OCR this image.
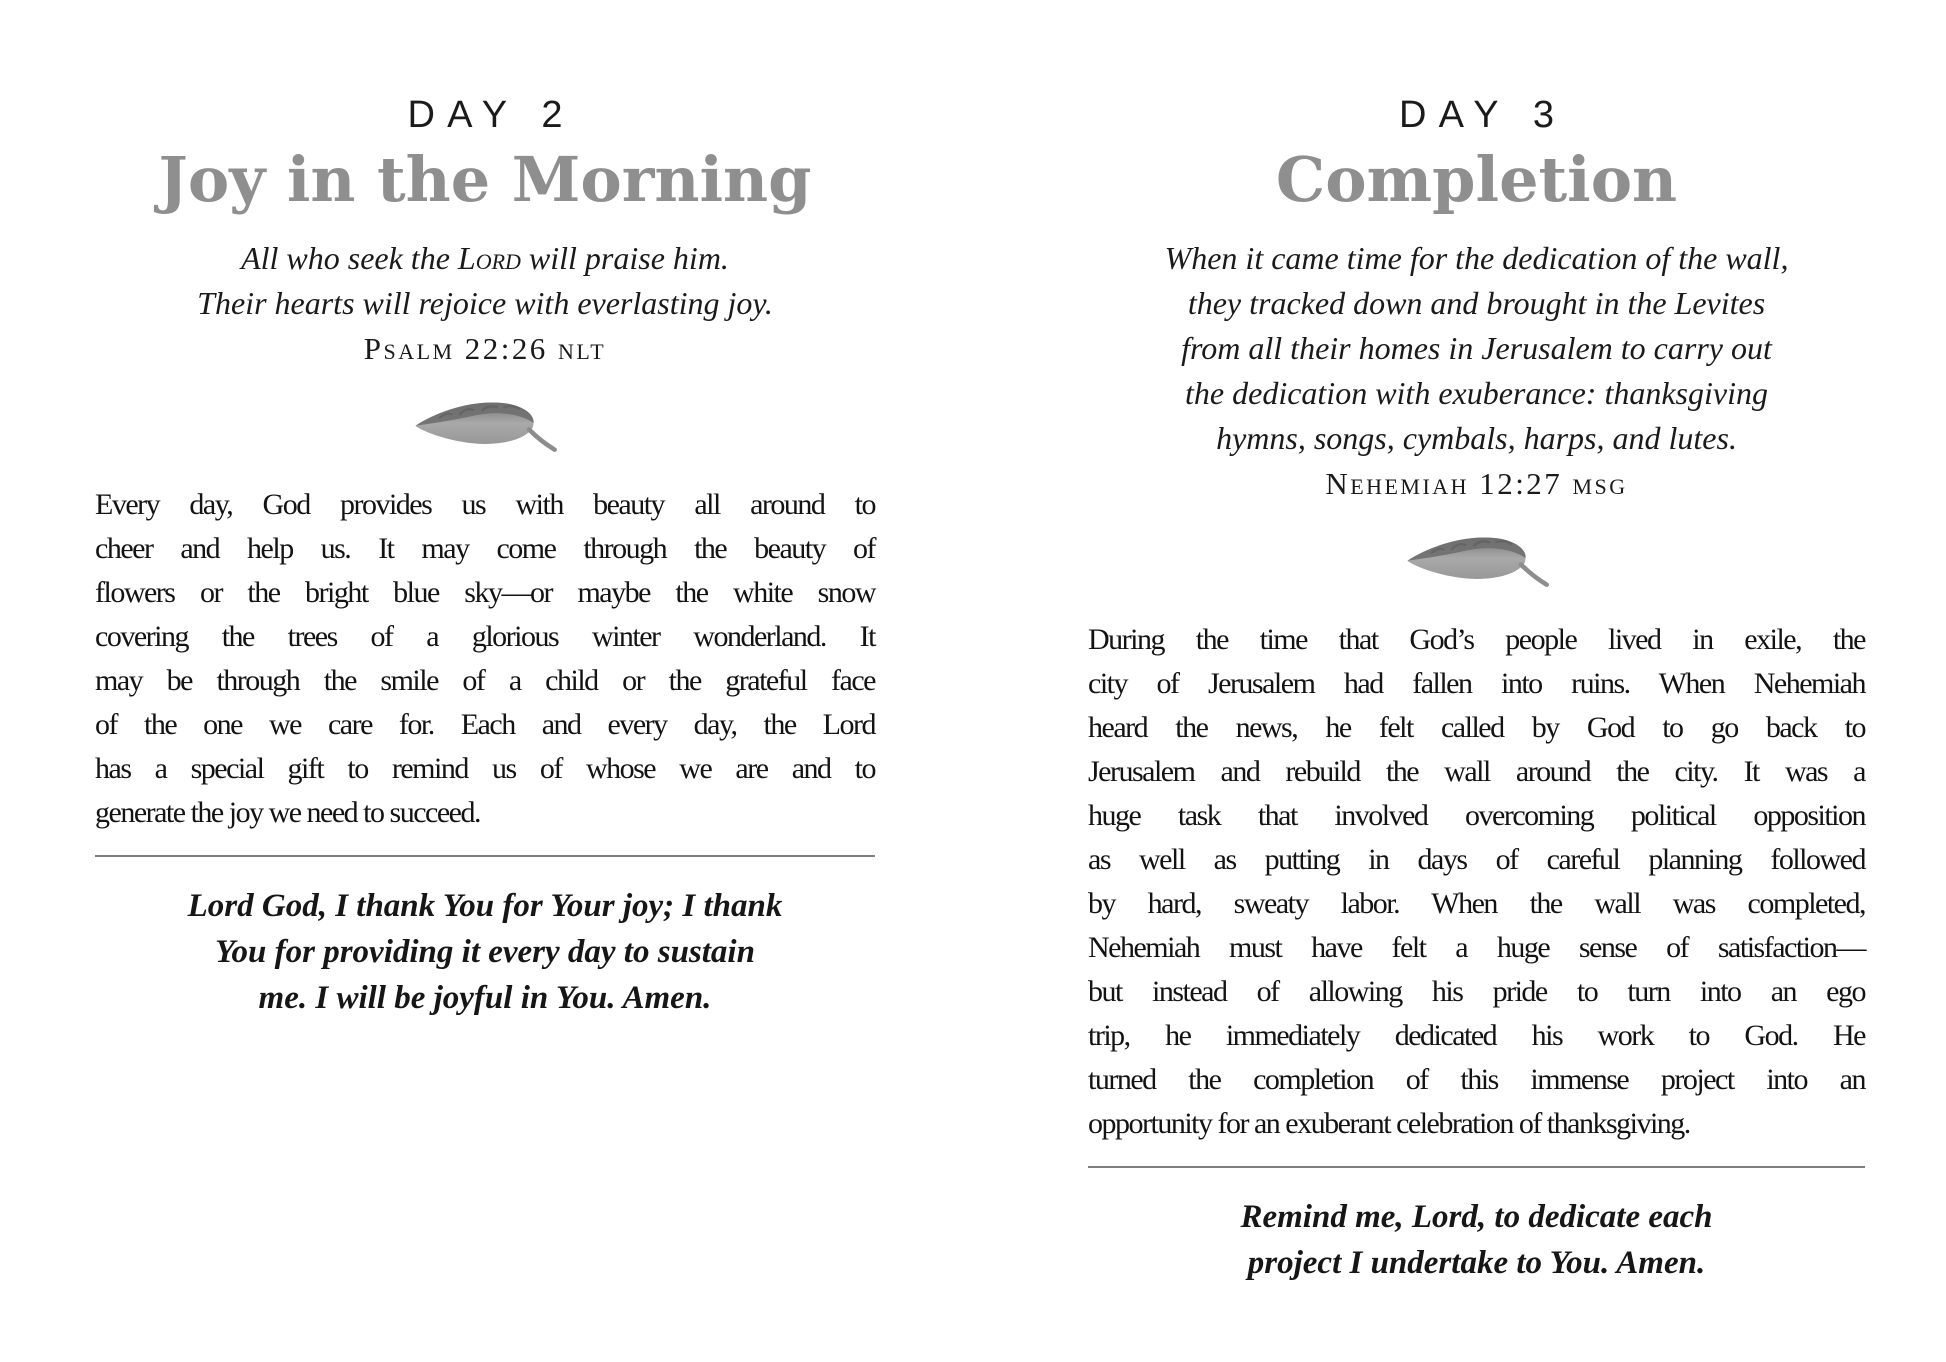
DAY 2
Joy in the Morning
All who seek the Lord will praise him.
Their hearts will rejoice with everlasting joy.
Psalm 22:26 nlt
Every day, God provides us with beauty all around to
cheer and help us. It may come through the beauty of
flowers or the bright blue sky—or maybe the white snow
covering the trees of a glorious winter wonderland. It
may be through the smile of a child or the grateful face
of the one we care for. Each and every day, the Lord
has a special gift to remind us of whose we are and to
generate the joy we need to succeed.
Lord God, I thank You for Your joy; I thank
You for providing it every day to sustain
me. I will be joyful in You. Amen.
DAY 3
Completion
When it came time for the dedication of the wall,
they tracked down and brought in the Levites
from all their homes in Jerusalem to carry out
the dedication with exuberance: thanksgiving
hymns, songs, cymbals, harps, and lutes.
Nehemiah 12:27 msg
During the time that God’s people lived in exile, the
city of Jerusalem had fallen into ruins. When Nehemiah
heard the news, he felt called by God to go back to
Jerusalem and rebuild the wall around the city. It was a
huge task that involved overcoming political opposition
as well as putting in days of careful planning followed
by hard, sweaty labor. When the wall was completed,
Nehemiah must have felt a huge sense of satisfaction—
but instead of allowing his pride to turn into an ego
trip, he immediately dedicated his work to God. He
turned the completion of this immense project into an
opportunity for an exuberant celebration of thanksgiving.
Remind me, Lord, to dedicate each
project I undertake to You. Amen.
